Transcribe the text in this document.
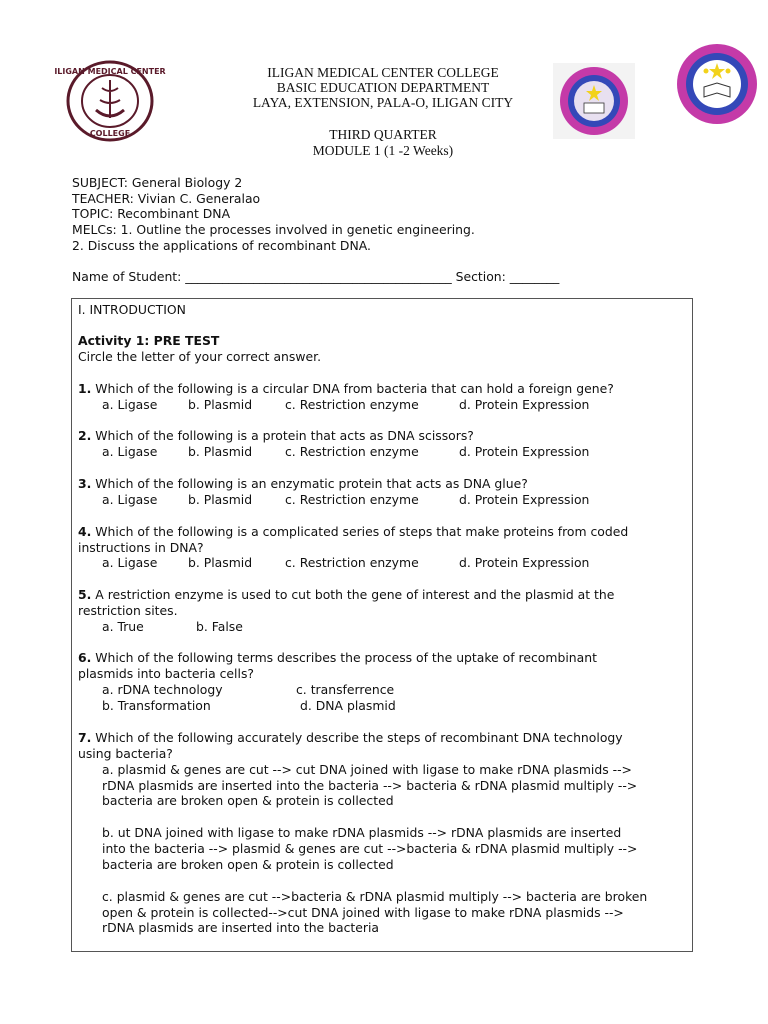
ILIGAN MEDICAL CENTER
COLLEGE
ILIGAN MEDICAL CENTER COLLEGE
BASIC EDUCATION DEPARTMENT
LAYA, EXTENSION, PALA-O, ILIGAN CITY
THIRD QUARTER
MODULE 1 (1 -2 Weeks)
SUBJECT: General Biology 2
TEACHER: Vivian C. Generalao
TOPIC: Recombinant DNA
MELCs: 1. Outline the processes involved in genetic engineering.
2. Discuss the applications of recombinant DNA.
Name of Student: ___________________________________________ Section: ________
I. INTRODUCTION
Activity 1: PRE TEST
Circle the letter of your correct answer.
1. Which of the following is a circular DNA from bacteria that can hold a foreign gene?
a. Ligase b. Plasmid	c. Restriction enzyme	d. Protein Expression
2. Which of the following is a protein that acts as DNA scissors?
a. Ligase b. Plasmid	c. Restriction enzyme	d. Protein Expression
3. Which of the following is an enzymatic protein that acts as DNA glue?
a. Ligase b. Plasmid	c. Restriction enzyme	d. Protein Expression
4. Which of the following is a complicated series of steps that make proteins from coded
instructions in DNA?
a. Ligase b. Plasmid	c. Restriction enzyme	d. Protein Expression
5. A restriction enzyme is used to cut both the gene of interest and the plasmid at the
restriction sites.
a. True	b. False
6. Which of the following terms describes the process of the uptake of recombinant
plasmids into bacteria cells?
a. rDNA technology	c. transferrence
b. Transformation	d. DNA plasmid
7. Which of the following accurately describe the steps of recombinant DNA technology
using bacteria?
a. plasmid & genes are cut --> cut DNA joined with ligase to make rDNA plasmids -->
rDNA plasmids are inserted into the bacteria --> bacteria & rDNA plasmid multiply -->
bacteria are broken open & protein is collected
b. ut DNA joined with ligase to make rDNA plasmids --> rDNA plasmids are inserted
into the bacteria --> plasmid & genes are cut -->bacteria & rDNA plasmid multiply -->
bacteria are broken open & protein is collected
c. plasmid & genes are cut -->bacteria & rDNA plasmid multiply --> bacteria are broken
open & protein is collected-->cut DNA joined with ligase to make rDNA plasmids -->
rDNA plasmids are inserted into the bacteria
